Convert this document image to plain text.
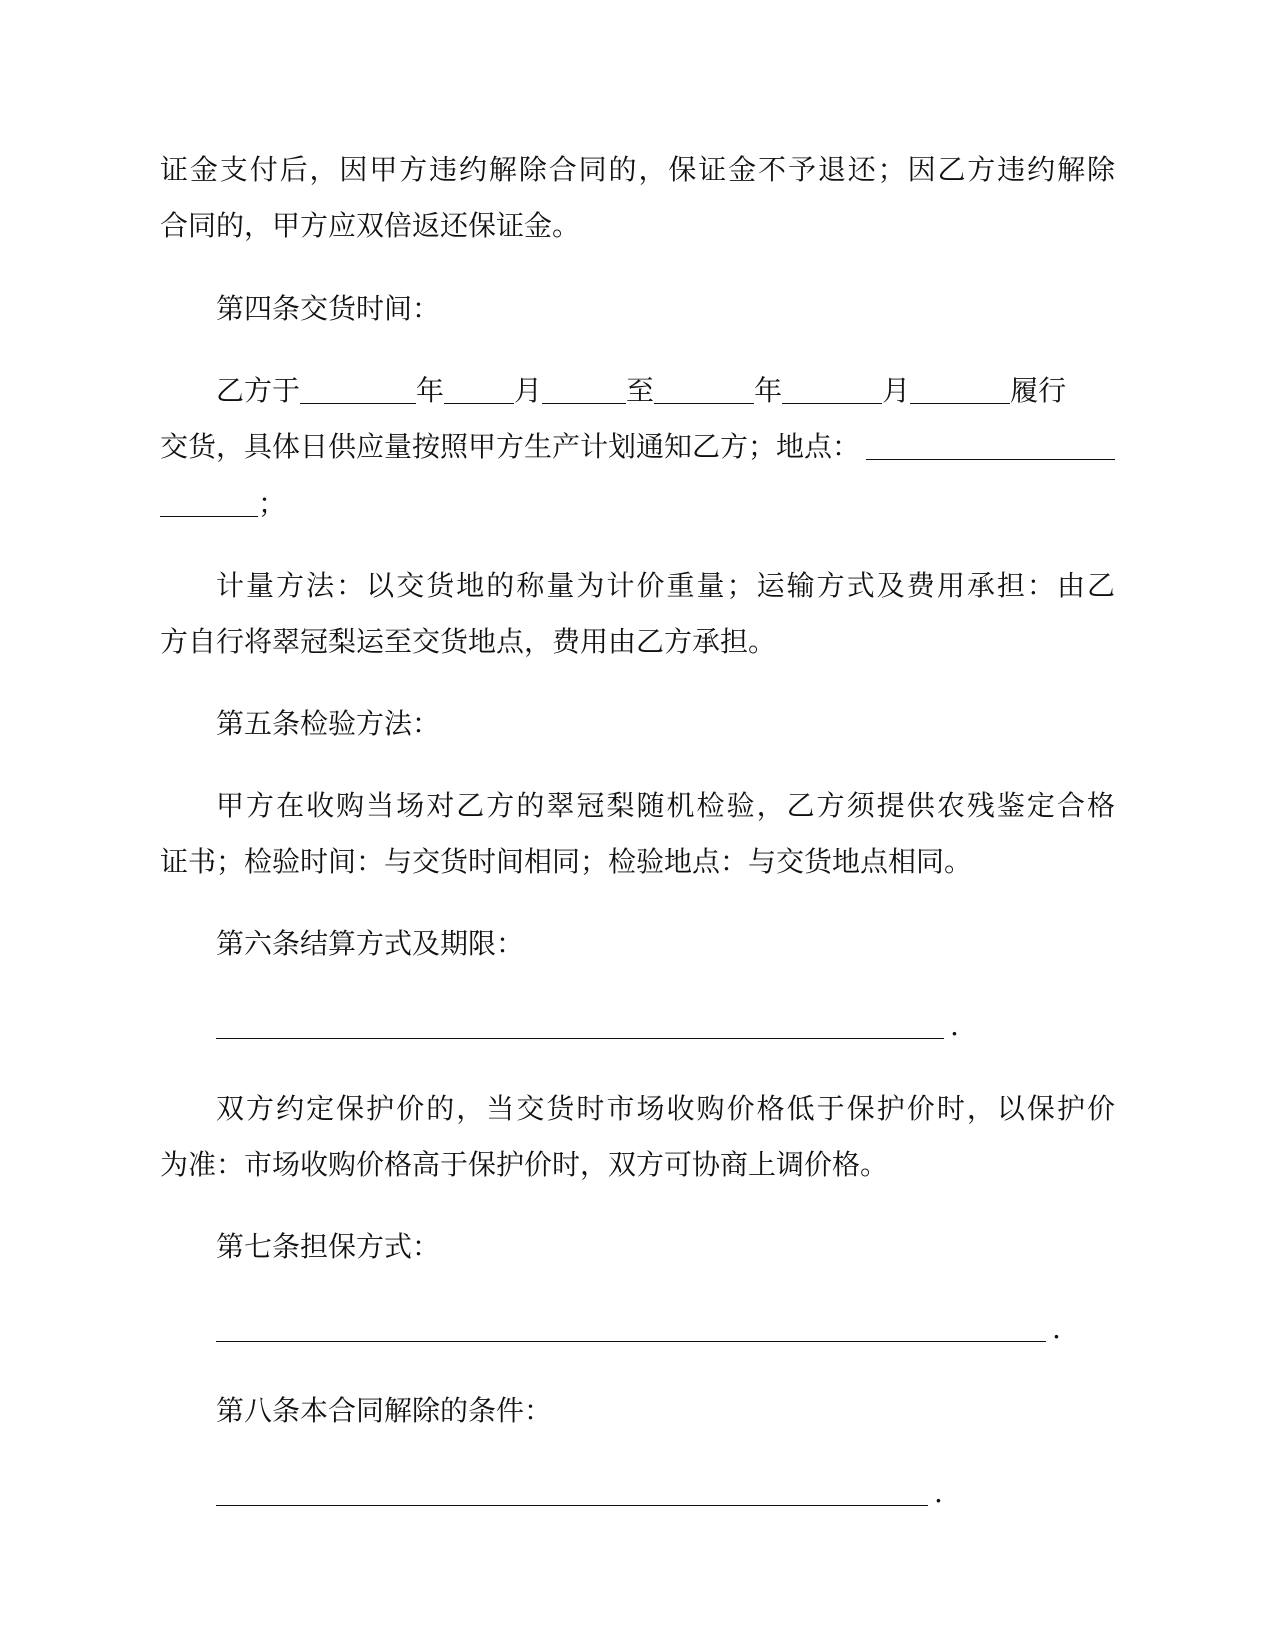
证金支付后，因甲方违约解除合同的，保证金不予退还；因乙方违约解除
合同的，甲方应双倍返还保证金。
第四条交货时间：
乙方于	年	月	至	年	月	履行
交货，具体日供应量按照甲方生产计划通知乙方；地点：
；
计量方法：以交货地的称量为计价重量；运输方式及费用承担：由乙
方自行将翠冠梨运至交货地点，费用由乙方承担。
第五条检验方法：
甲方在收购当场对乙方的翠冠梨随机检验，乙方须提供农残鉴定合格
证书；检验时间：与交货时间相同；检验地点：与交货地点相同。
第六条结算方式及期限：
.
双方约定保护价的，当交货时市场收购价格低于保护价时，以保护价
为准：市场收购价格高于保护价时，双方可协商上调价格。
第七条担保方式：
.
第八条本合同解除的条件：
.
